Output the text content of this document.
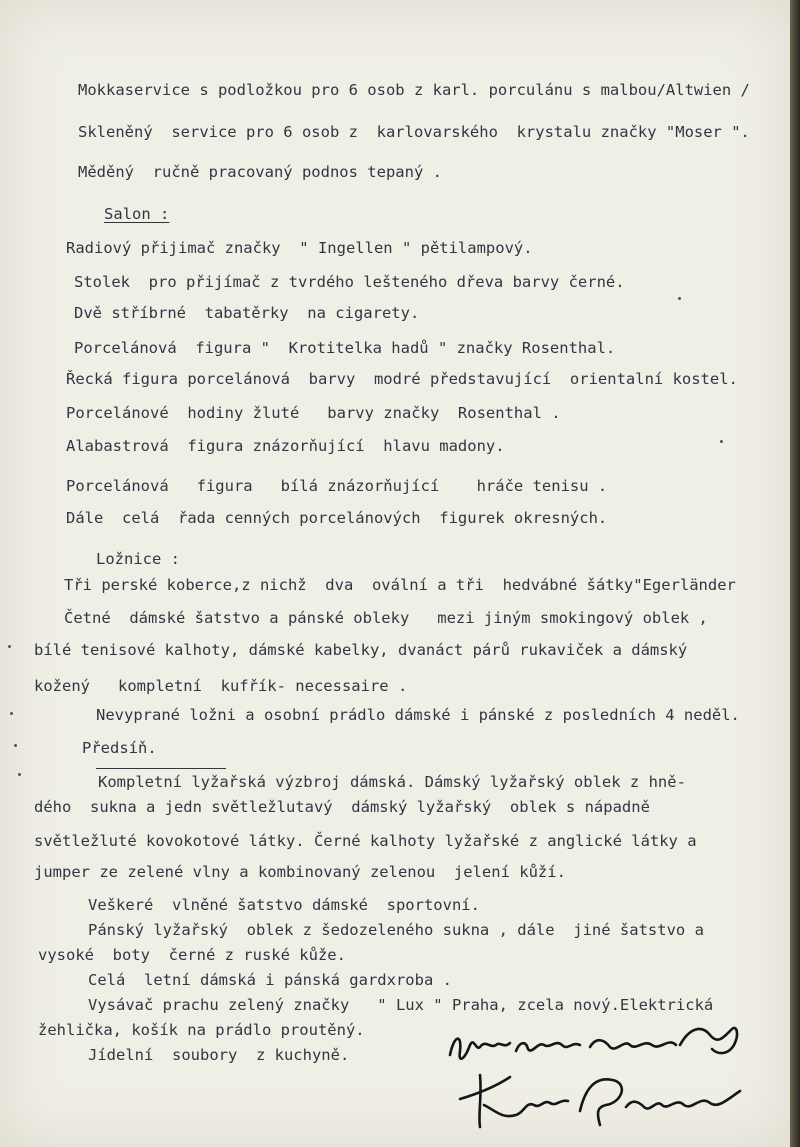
Mokkaservice s podložkou pro 6 osob z karl. porculánu s malbou/Altwien /
Skleněný  service pro 6 osob z  karlovarského  krystalu značky "Moser ".
Měděný  ručně pracovaný podnos tepaný .
Salon :
Radiový přijimač značky  " Ingellen " pětilampový.
Stolek  pro přijímač z tvrdého lešteného dřeva barvy černé.
Dvě stříbrné  tabatěrky  na cigarety.
Porcelánová  figura "  Krotitelka hadů " značky Rosenthal.
Řecká figura porcelánová  barvy  modré představující  orientalní kostel.
Porcelánové  hodiny žluté   barvy značky  Rosenthal .
Alabastrová  figura znázorňující  hlavu madony.
Porcelánová   figura   bílá znázorňující    hráče tenisu .
Dále  celá  řada cenných porcelánových  figurek okresných.
Ložnice :
Tři perské koberce,z nichž  dva  ovální a tři  hedvábné šátky"Egerländer
Četné  dámské šatstvo a pánské obleky   mezi jiným smokingový oblek ,
bílé tenisové kalhoty, dámské kabelky, dvanáct párů rukaviček a dámský
kožený   kompletní  kufřík- necessaire .
Nevyprané ložni a osobní prádlo dámské i pánské z posledních 4 neděl.
Předsíň.
Kompletní lyžařská výzbroj dámská. Dámský lyžařský oblek z hně-
dého  sukna a jedn světležlutavý  dámský lyžařský  oblek s nápadně
světležluté kovokotové látky. Černé kalhoty lyžařské z anglické látky a
jumper ze zelené vlny a kombinovaný zelenou  jelení kůží.
Veškeré  vlněné šatstvo dámské  sportovní.
Pánský lyžařský  oblek z šedozeleného sukna , dále  jiné šatstvo a
vysoké  boty  černé z ruské kůže.
Celá  letní dámská i pánská gardxroba .
Vysávač prachu zelený značky   " Lux " Praha, zcela nový.Elektrická
žehlička, košík na prádlo proutěný.
Jídelní  soubory  z kuchyně.
